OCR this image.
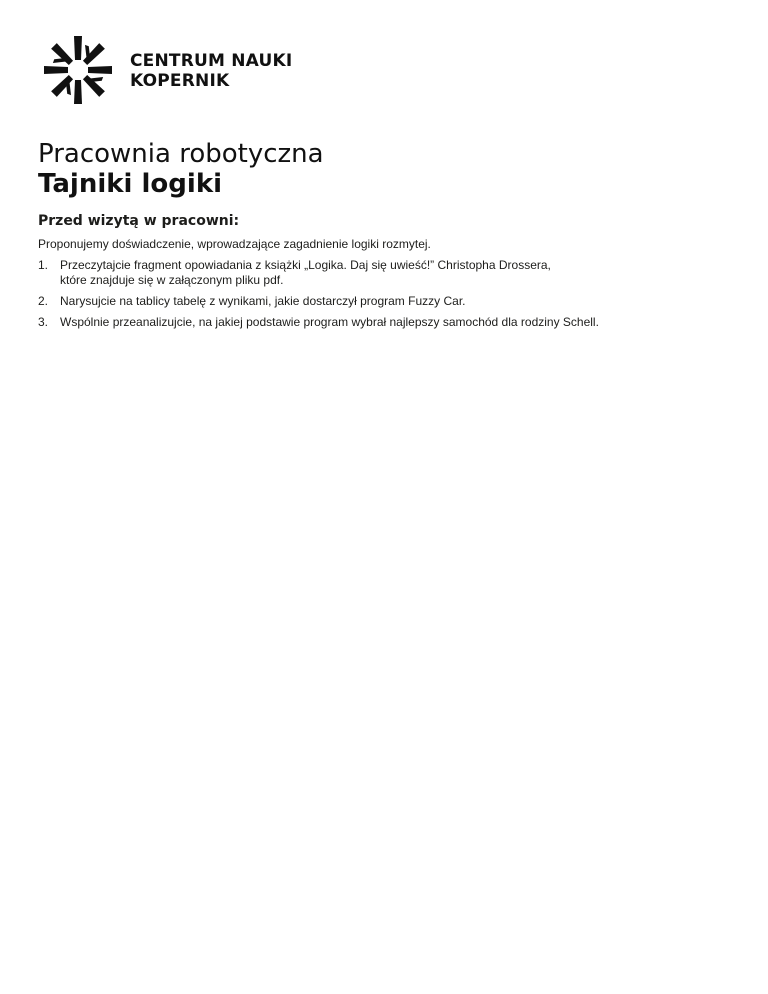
CENTRUM NAUKI
KOPERNIK
Pracownia robotyczna
Tajniki logiki
Przed wizytą w pracowni:
Proponujemy doświadczenie, wprowadzające zagadnienie logiki rozmytej.
1. Przeczytajcie fragment opowiadania z książki „Logika. Daj się uwieść!” Christopha Drossera,
które znajduje się w załączonym pliku pdf.
2. Narysujcie na tablicy tabelę z wynikami, jakie dostarczył program Fuzzy Car.
3. Wspólnie przeanalizujcie, na jakiej podstawie program wybrał najlepszy samochód dla rodziny Schell.
